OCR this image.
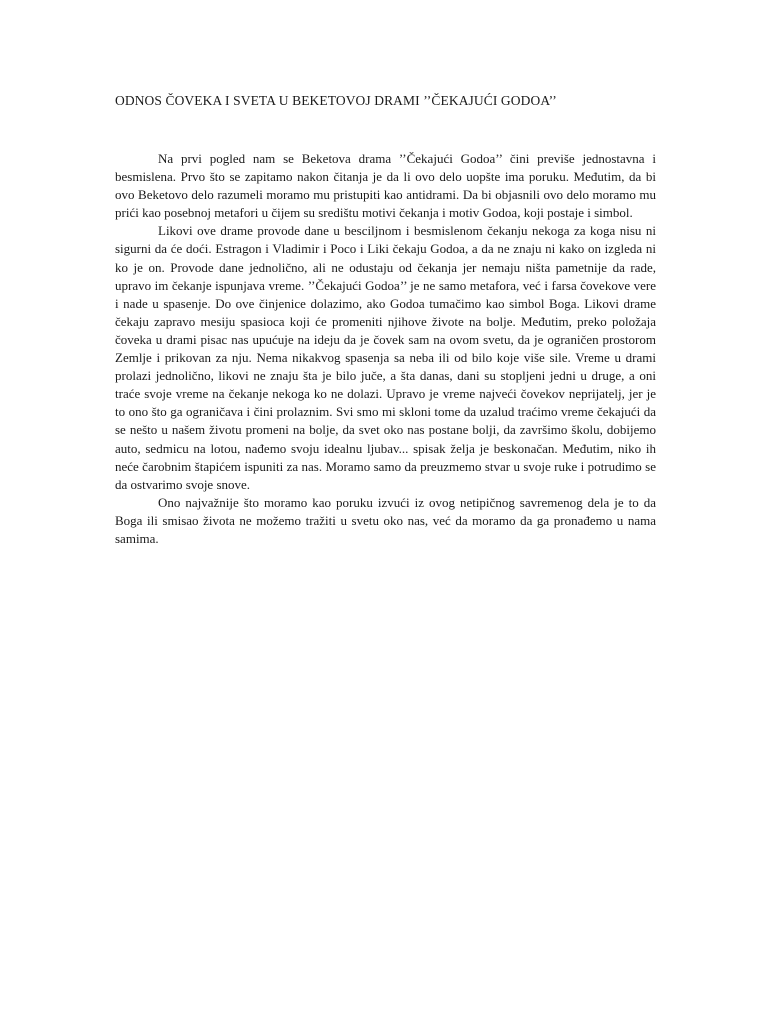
ODNOS ČOVEKA I SVETA U BEKETOVOJ DRAMI ’’ČEKAJUĆI GODOA’’

Na prvi pogled nam se Beketova drama ’’Čekajući Godoa’’ čini previše jednostavna i besmislena. Prvo što se zapitamo nakon čitanja je da li ovo delo uopšte ima poruku. Međutim, da bi ovo Beketovo delo razumeli moramo mu pristupiti kao antidrami. Da bi objasnili ovo delo moramo mu prići kao posebnoj metafori u čijem su središtu motivi čekanja i motiv Godoa, koji postaje i simbol.

Likovi ove drame provode dane u besciljnom i besmislenom čekanju nekoga za koga nisu ni sigurni da će doći. Estragon i Vladimir i Poco i Liki čekaju Godoa, a da ne znaju ni kako on izgleda ni ko je on. Provode dane jednolično, ali ne odustaju od čekanja jer nemaju ništa pametnije da rade, upravo im čekanje ispunjava vreme. ’’Čekajući Godoa’’ je ne samo metafora, već i farsa čovekove vere i nade u spasenje. Do ove činjenice dolazimo, ako Godoa tumačimo kao simbol Boga. Likovi drame čekaju zapravo mesiju spasioca koji će promeniti njihove živote na bolje. Međutim, preko položaja čoveka u drami pisac nas upućuje na ideju da je čovek sam na ovom svetu, da je ograničen prostorom Zemlje i prikovan za nju. Nema nikakvog spasenja sa neba ili od bilo koje više sile. Vreme u drami prolazi jednolično, likovi ne znaju šta je bilo juče, a šta danas, dani su stopljeni jedni u druge, a oni traće svoje vreme na čekanje nekoga ko ne dolazi. Upravo je vreme najveći čovekov neprijatelj, jer je to ono što ga ograničava i čini prolaznim. Svi smo mi skloni tome da uzalud traćimo vreme čekajući da se nešto u našem životu promeni na bolje, da svet oko nas postane bolji, da završimo školu, dobijemo auto, sedmicu na lotou, nađemo svoju idealnu ljubav... spisak želja je beskonačan. Međutim, niko ih neće čarobnim štapićem ispuniti za nas. Moramo samo da preuzmemo stvar u svoje ruke i potrudimo se da ostvarimo svoje snove.

Ono najvažnije što moramo kao poruku izvući iz ovog netipičnog savremenog dela je to da Boga ili smisao života ne možemo tražiti u svetu oko nas, već da moramo da ga pronađemo u nama samima.
